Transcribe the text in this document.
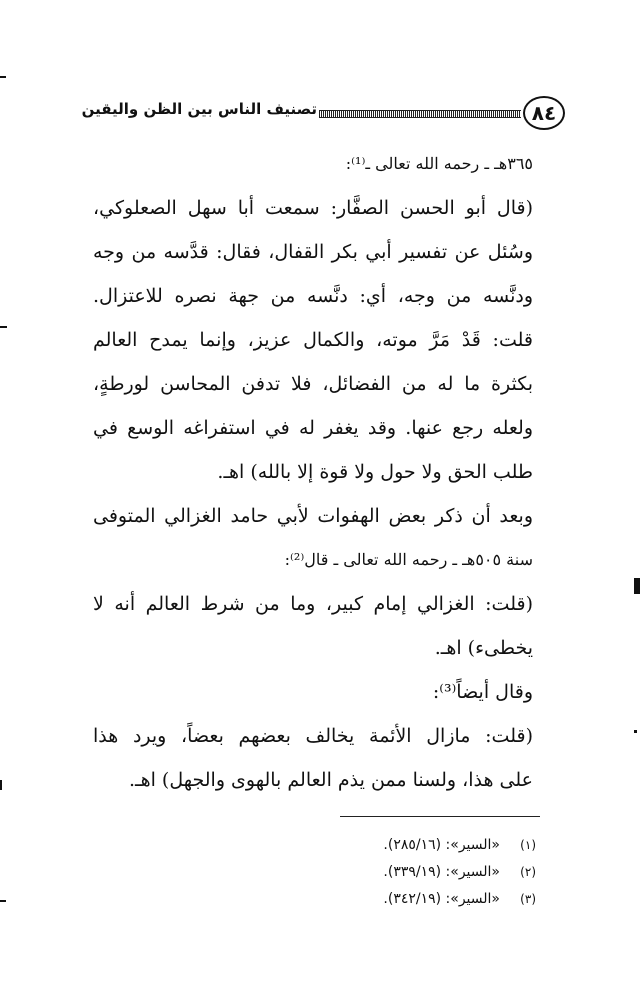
٨٤
تصنيف الناس بين الظن واليقين
٣٦٥هـ ـ رحمه الله تعالى ـ⁽¹⁾:
(قال أبو الحسن الصفَّار: سمعت أبا سهل الصعلوكي،
وسُئل عن تفسير أبي بكر القفال، فقال: قدَّسه من وجه
ودنَّسه من وجه، أي: دنَّسه من جهة نصره للاعتزال.
قلت: قَدْ مَرَّ موته، والكمال عزيز، وإنما يمدح العالم
بكثرة ما له من الفضائل، فلا تدفن المحاسن لورطةٍ،
ولعله رجع عنها. وقد يغفر له في استفراغه الوسع في
طلب الحق ولا حول ولا قوة إلا بالله) اهـ.
وبعد أن ذكر بعض الهفوات لأبي حامد الغزالي المتوفى
سنة ٥٠٥هـ ـ رحمه الله تعالى ـ قال⁽²⁾:
(قلت: الغزالي إمام كبير، وما من شرط العالم أنه لا
يخطىء) اهـ.
وقال أيضاً⁽³⁾:
(قلت: مازال الأئمة يخالف بعضهم بعضاً، ويرد هذا
على هذا، ولسنا ممن يذم العالم بالهوى والجهل) اهـ.
(١)
«السير»: (٢٨٥/١٦).
(٢)
«السير»: (٣٣٩/١٩).
(٣)
«السير»: (٣٤٢/١٩).
